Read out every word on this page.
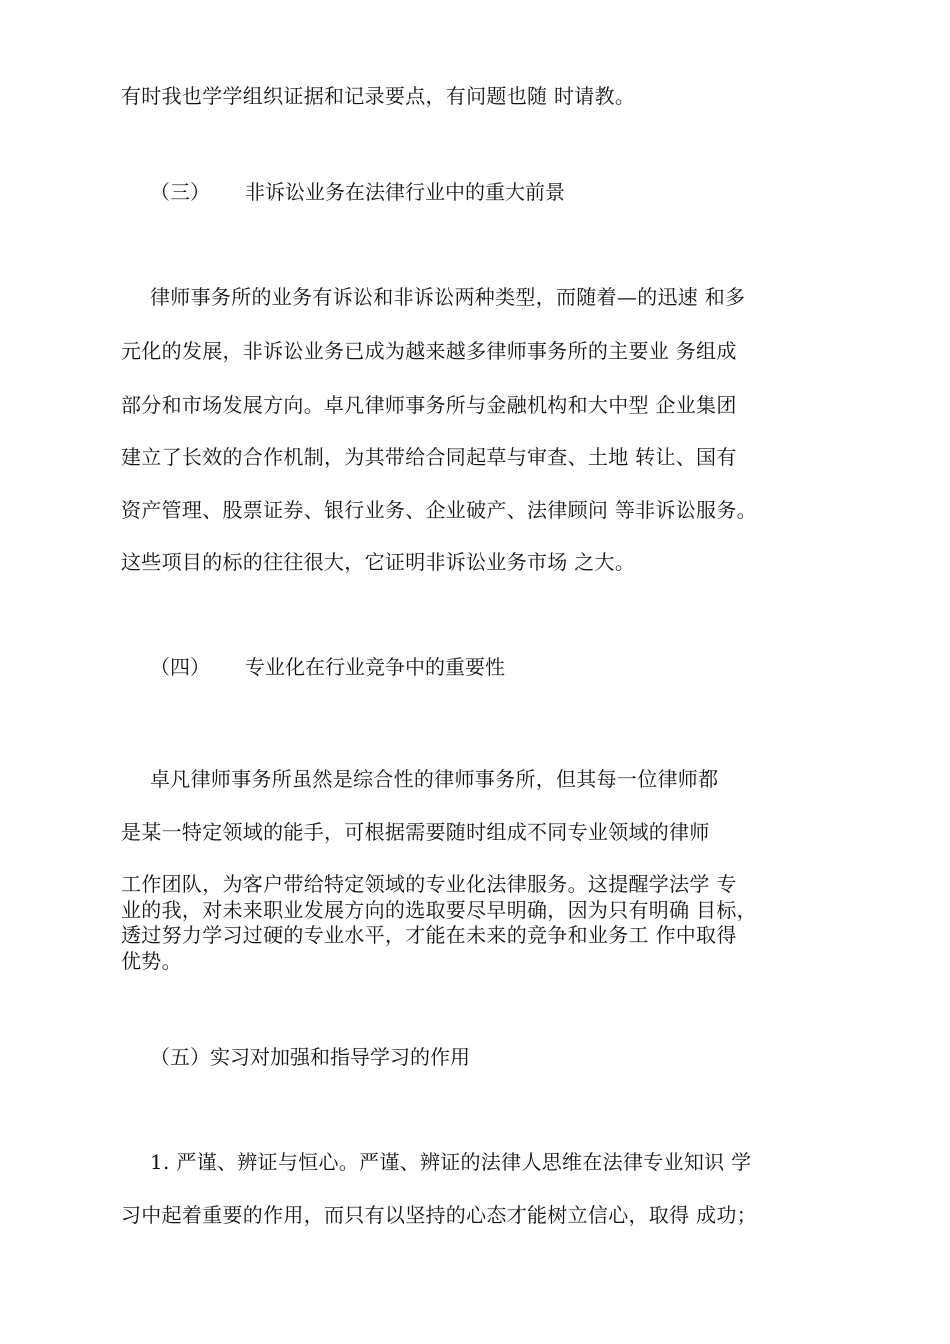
有时我也学学组织证据和记录要点，有问题也随 时请教。
（三） 非诉讼业务在法律行业中的重大前景
律师事务所的业务有诉讼和非诉讼两种类型，而随着—的迅速 和多
元化的发展，非诉讼业务已成为越来越多律师事务所的主要业 务组成
部分和市场发展方向。卓凡律师事务所与金融机构和大中型 企业集团
建立了长效的合作机制，为其带给合同起草与审查、土地 转让、国有
资产管理、股票证券、银行业务、企业破产、法律顾问 等非诉讼服务。
这些项目的标的往往很大，它证明非诉讼业务市场 之大。
（四） 专业化在行业竞争中的重要性
卓凡律师事务所虽然是综合性的律师事务所，但其每一位律师都
是某一特定领域的能手，可根据需要随时组成不同专业领域的律师
工作团队，为客户带给特定领域的专业化法律服务。这提醒学法学 专
业的我，对未来职业发展方向的选取要尽早明确，因为只有明确 目标，
透过努力学习过硬的专业水平，才能在未来的竞争和业务工 作中取得
优势。
（五）实习对加强和指导学习的作用
1. 严谨、辨证与恒心。严谨、辨证的法律人思维在法律专业知识 学
习中起着重要的作用，而只有以坚持的心态才能树立信心，取得 成功；
